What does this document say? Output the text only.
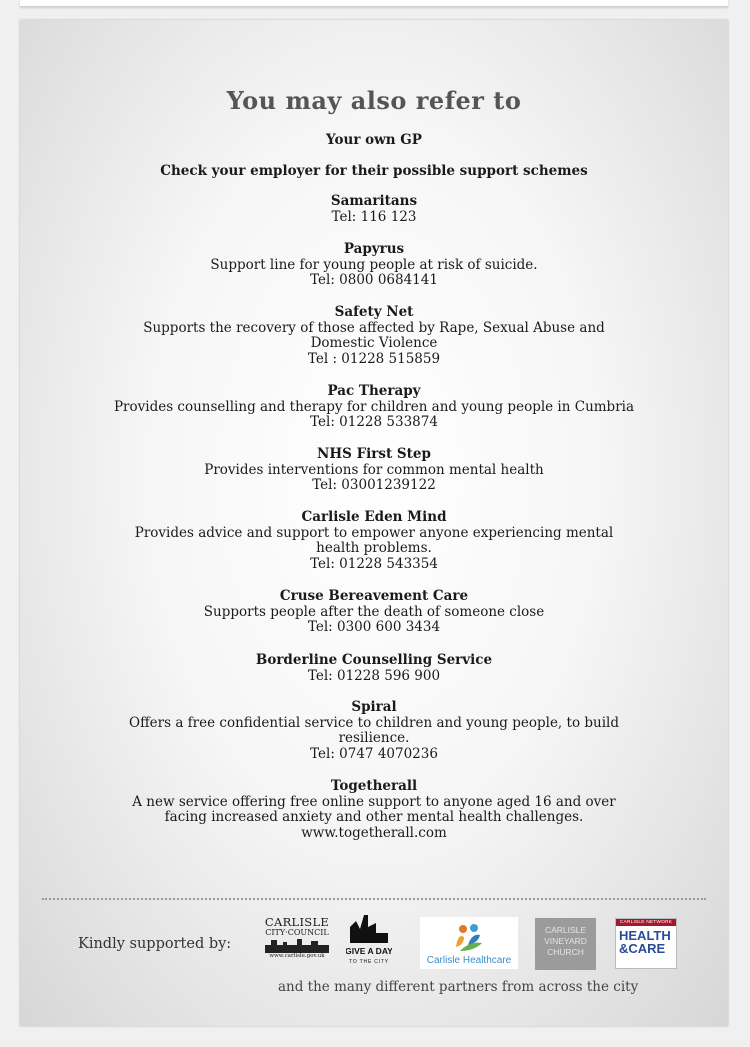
You may also refer to
Your own GP
Check your employer for their possible support schemes
Samaritans
Tel: 116 123
Papyrus
Support line for young people at risk of suicide.
Tel: 0800 0684141
Safety Net
Supports the recovery of those affected by Rape, Sexual Abuse and
Domestic Violence
Tel : 01228 515859
Pac Therapy
Provides counselling and therapy for children and young people in Cumbria
Tel: 01228 533874
NHS First Step
Provides interventions for common mental health
Tel: 03001239122
Carlisle Eden Mind
Provides advice and support to empower anyone experiencing mental
health problems.
Tel: 01228 543354
Cruse Bereavement Care
Supports people after the death of someone close
Tel: 0300 600 3434
Borderline Counselling Service
Tel: 01228 596 900
Spiral
Offers a free confidential service to children and young people, to build
resilience.
Tel: 0747 4070236
Togetherall
A new service offering free online support to anyone aged 16 and over
facing increased anxiety and other mental health challenges.
www.togetherall.com
Kindly supported by:
CARLISLE
CITY·COUNCIL
www.carlisle.gov.uk	GIVE A DAY
TO THE CITY	Carlisle Healthcare
CARLISLE
VINEYARD
CHURCH
CARLISLE NETWORK
HEALTH
&CARE
and the many different partners from across the city
